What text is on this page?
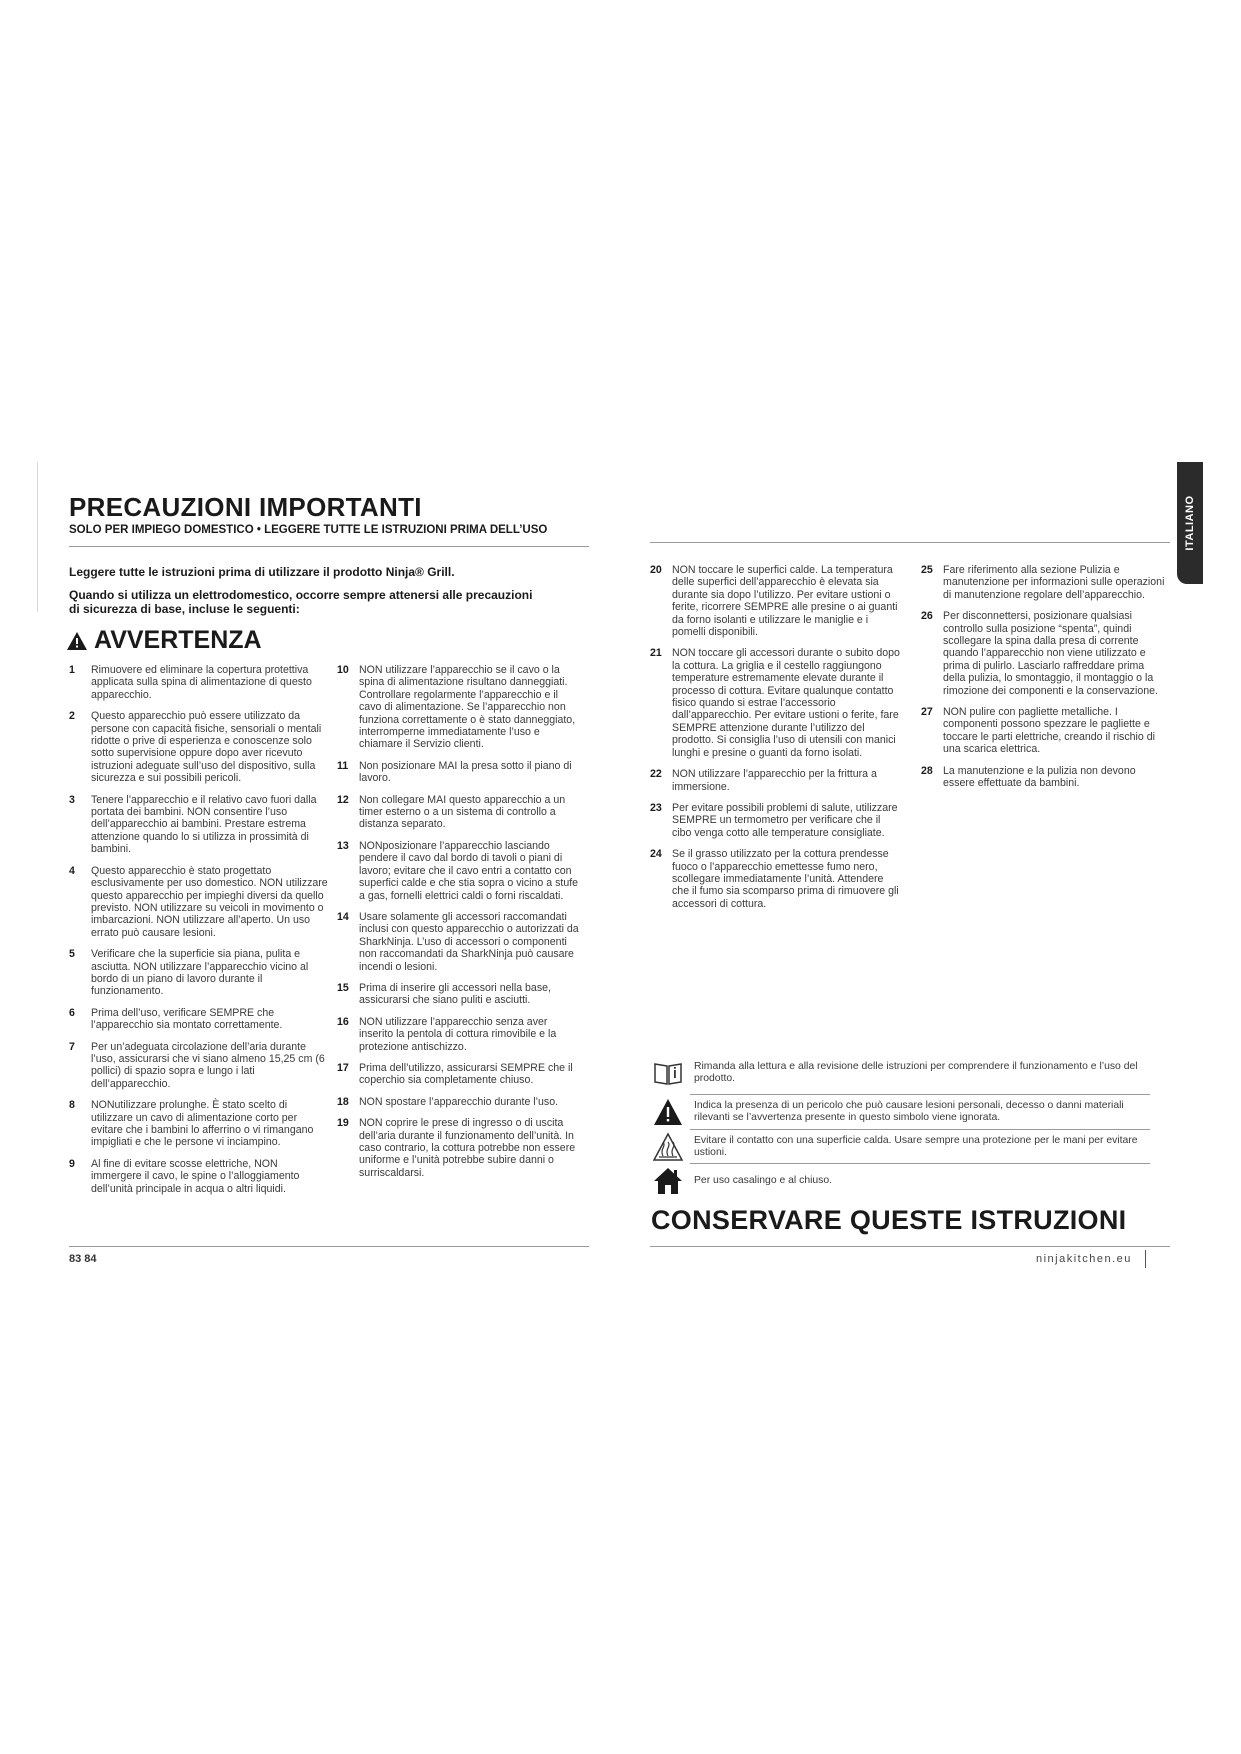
PRECAUZIONI IMPORTANTI
SOLO PER IMPIEGO DOMESTICO • LEGGERE TUTTE LE ISTRUZIONI PRIMA DELL’USO
Leggere tutte le istruzioni prima di utilizzare il prodotto Ninja® Grill.
Quando si utilizza un elettrodomestico, occorre sempre attenersi alle precauzioni di sicurezza di base, incluse le seguenti:
AVVERTENZA
1	Rimuovere ed eliminare la copertura protettiva applicata sulla spina di alimentazione di questo apparecchio.
2	Questo apparecchio può essere utilizzato da persone con capacità fisiche, sensoriali o mentali ridotte o prive di esperienza e conoscenze solo sotto supervisione oppure dopo aver ricevuto istruzioni adeguate sull’uso del dispositivo, sulla sicurezza e sui possibili pericoli.
3	Tenere l’apparecchio e il relativo cavo fuori dalla portata dei bambini. NON consentire l’uso dell’apparecchio ai bambini. Prestare estrema attenzione quando lo si utilizza in prossimità di bambini.
4	Questo apparecchio è stato progettato esclusivamente per uso domestico. NON utilizzare questo apparecchio per impieghi diversi da quello previsto. NON utilizzare su veicoli in movimento o imbarcazioni. NON utilizzare all’aperto. Un uso errato può causare lesioni.
5	Verificare che la superficie sia piana, pulita e asciutta. NON utilizzare l’apparecchio vicino al bordo di un piano di lavoro durante il funzionamento.
6	Prima dell’uso, verificare SEMPRE che l’apparecchio sia montato correttamente.
7	Per un’adeguata circolazione dell’aria durante l’uso, assicurarsi che vi siano almeno 15,25 cm (6 pollici) di spazio sopra e lungo i lati dell’apparecchio.
8	NONutilizzare prolunghe. È stato scelto di utilizzare un cavo di alimentazione corto per evitare che i bambini lo afferrino o vi rimangano impigliati e che le persone vi inciampino.
9	Al fine di evitare scosse elettriche, NON immergere il cavo, le spine o l’alloggiamento dell’unità principale in acqua o altri liquidi.
10 NON utilizzare l’apparecchio se il cavo o la spina di alimentazione risultano danneggiati. Controllare regolarmente l’apparecchio e il cavo di alimentazione. Se l’apparecchio non funziona correttamente o è stato danneggiato, interromperne immediatamente l’uso e chiamare il Servizio clienti.
11	Non posizionare MAI la presa sotto il piano di lavoro.
12 Non collegare MAI questo apparecchio a un timer esterno o a un sistema di controllo a distanza separato.
13 NONposizionare l’apparecchio lasciando pendere il cavo dal bordo di tavoli o piani di lavoro; evitare che il cavo entri a contatto con superfici calde e che stia sopra o vicino a stufe a gas, fornelli elettrici caldi o forni riscaldati.
14 Usare solamente gli accessori raccomandati inclusi con questo apparecchio o autorizzati da SharkNinja. L’uso di accessori o componenti non raccomandati da SharkNinja può causare incendi o lesioni.
15 Prima di inserire gli accessori nella base, assicurarsi che siano puliti e asciutti.
16 NON utilizzare l’apparecchio senza aver inserito la pentola di cottura rimovibile e la protezione antischizzo.
17 Prima dell’utilizzo, assicurarsi SEMPRE che il coperchio sia completamente chiuso.
18 NON spostare l’apparecchio durante l’uso.
19 NON coprire le prese di ingresso o di uscita dell’aria durante il funzionamento dell’unità. In caso contrario, la cottura potrebbe non essere uniforme e l’unità potrebbe subire danni o surriscaldarsi.
83 84
ITALIANO
20 NON toccare le superfici calde. La temperatura delle superfici dell’apparecchio è elevata sia durante sia dopo l’utilizzo. Per evitare ustioni o ferite, ricorrere SEMPRE alle presine o ai guanti da forno isolanti e utilizzare le maniglie e i pomelli disponibili.
21 NON toccare gli accessori durante o subito dopo la cottura. La griglia e il cestello raggiungono temperature estremamente elevate durante il processo di cottura. Evitare qualunque contatto fisico quando si estrae l’accessorio dall’apparecchio. Per evitare ustioni o ferite, fare SEMPRE attenzione durante l’utilizzo del prodotto. Si consiglia l’uso di utensili con manici lunghi e presine o guanti da forno isolati.
22 NON utilizzare l’apparecchio per la frittura a immersione.
23 Per evitare possibili problemi di salute, utilizzare SEMPRE un termometro per verificare che il cibo venga cotto alle temperature consigliate.
24 Se il grasso utilizzato per la cottura prendesse fuoco o l’apparecchio emettesse fumo nero, scollegare immediatamente l’unità. Attendere che il fumo sia scomparso prima di rimuovere gli accessori di cottura.
25 Fare riferimento alla sezione Pulizia e manutenzione per informazioni sulle operazioni di manutenzione regolare dell’apparecchio.
26 Per disconnettersi, posizionare qualsiasi controllo sulla posizione “spenta”, quindi scollegare la spina dalla presa di corrente quando l’apparecchio non viene utilizzato e prima di pulirlo. Lasciarlo raffreddare prima della pulizia, lo smontaggio, il montaggio o la rimozione dei componenti e la conservazione.
27 NON pulire con pagliette metalliche. I componenti possono spezzare le pagliette e toccare le parti elettriche, creando il rischio di una scarica elettrica.
28 La manutenzione e la pulizia non devono essere effettuate da bambini.
Rimanda alla lettura e alla revisione delle istruzioni per comprendere il funzionamento e l’uso del prodotto.
Indica la presenza di un pericolo che può causare lesioni personali, decesso o danni materiali rilevanti se l’avvertenza presente in questo simbolo viene ignorata.
Evitare il contatto con una superficie calda. Usare sempre una protezione per le mani per evitare ustioni.
Per uso casalingo e al chiuso.
CONSERVARE QUESTE ISTRUZIONI
ninjakitchen.eu
